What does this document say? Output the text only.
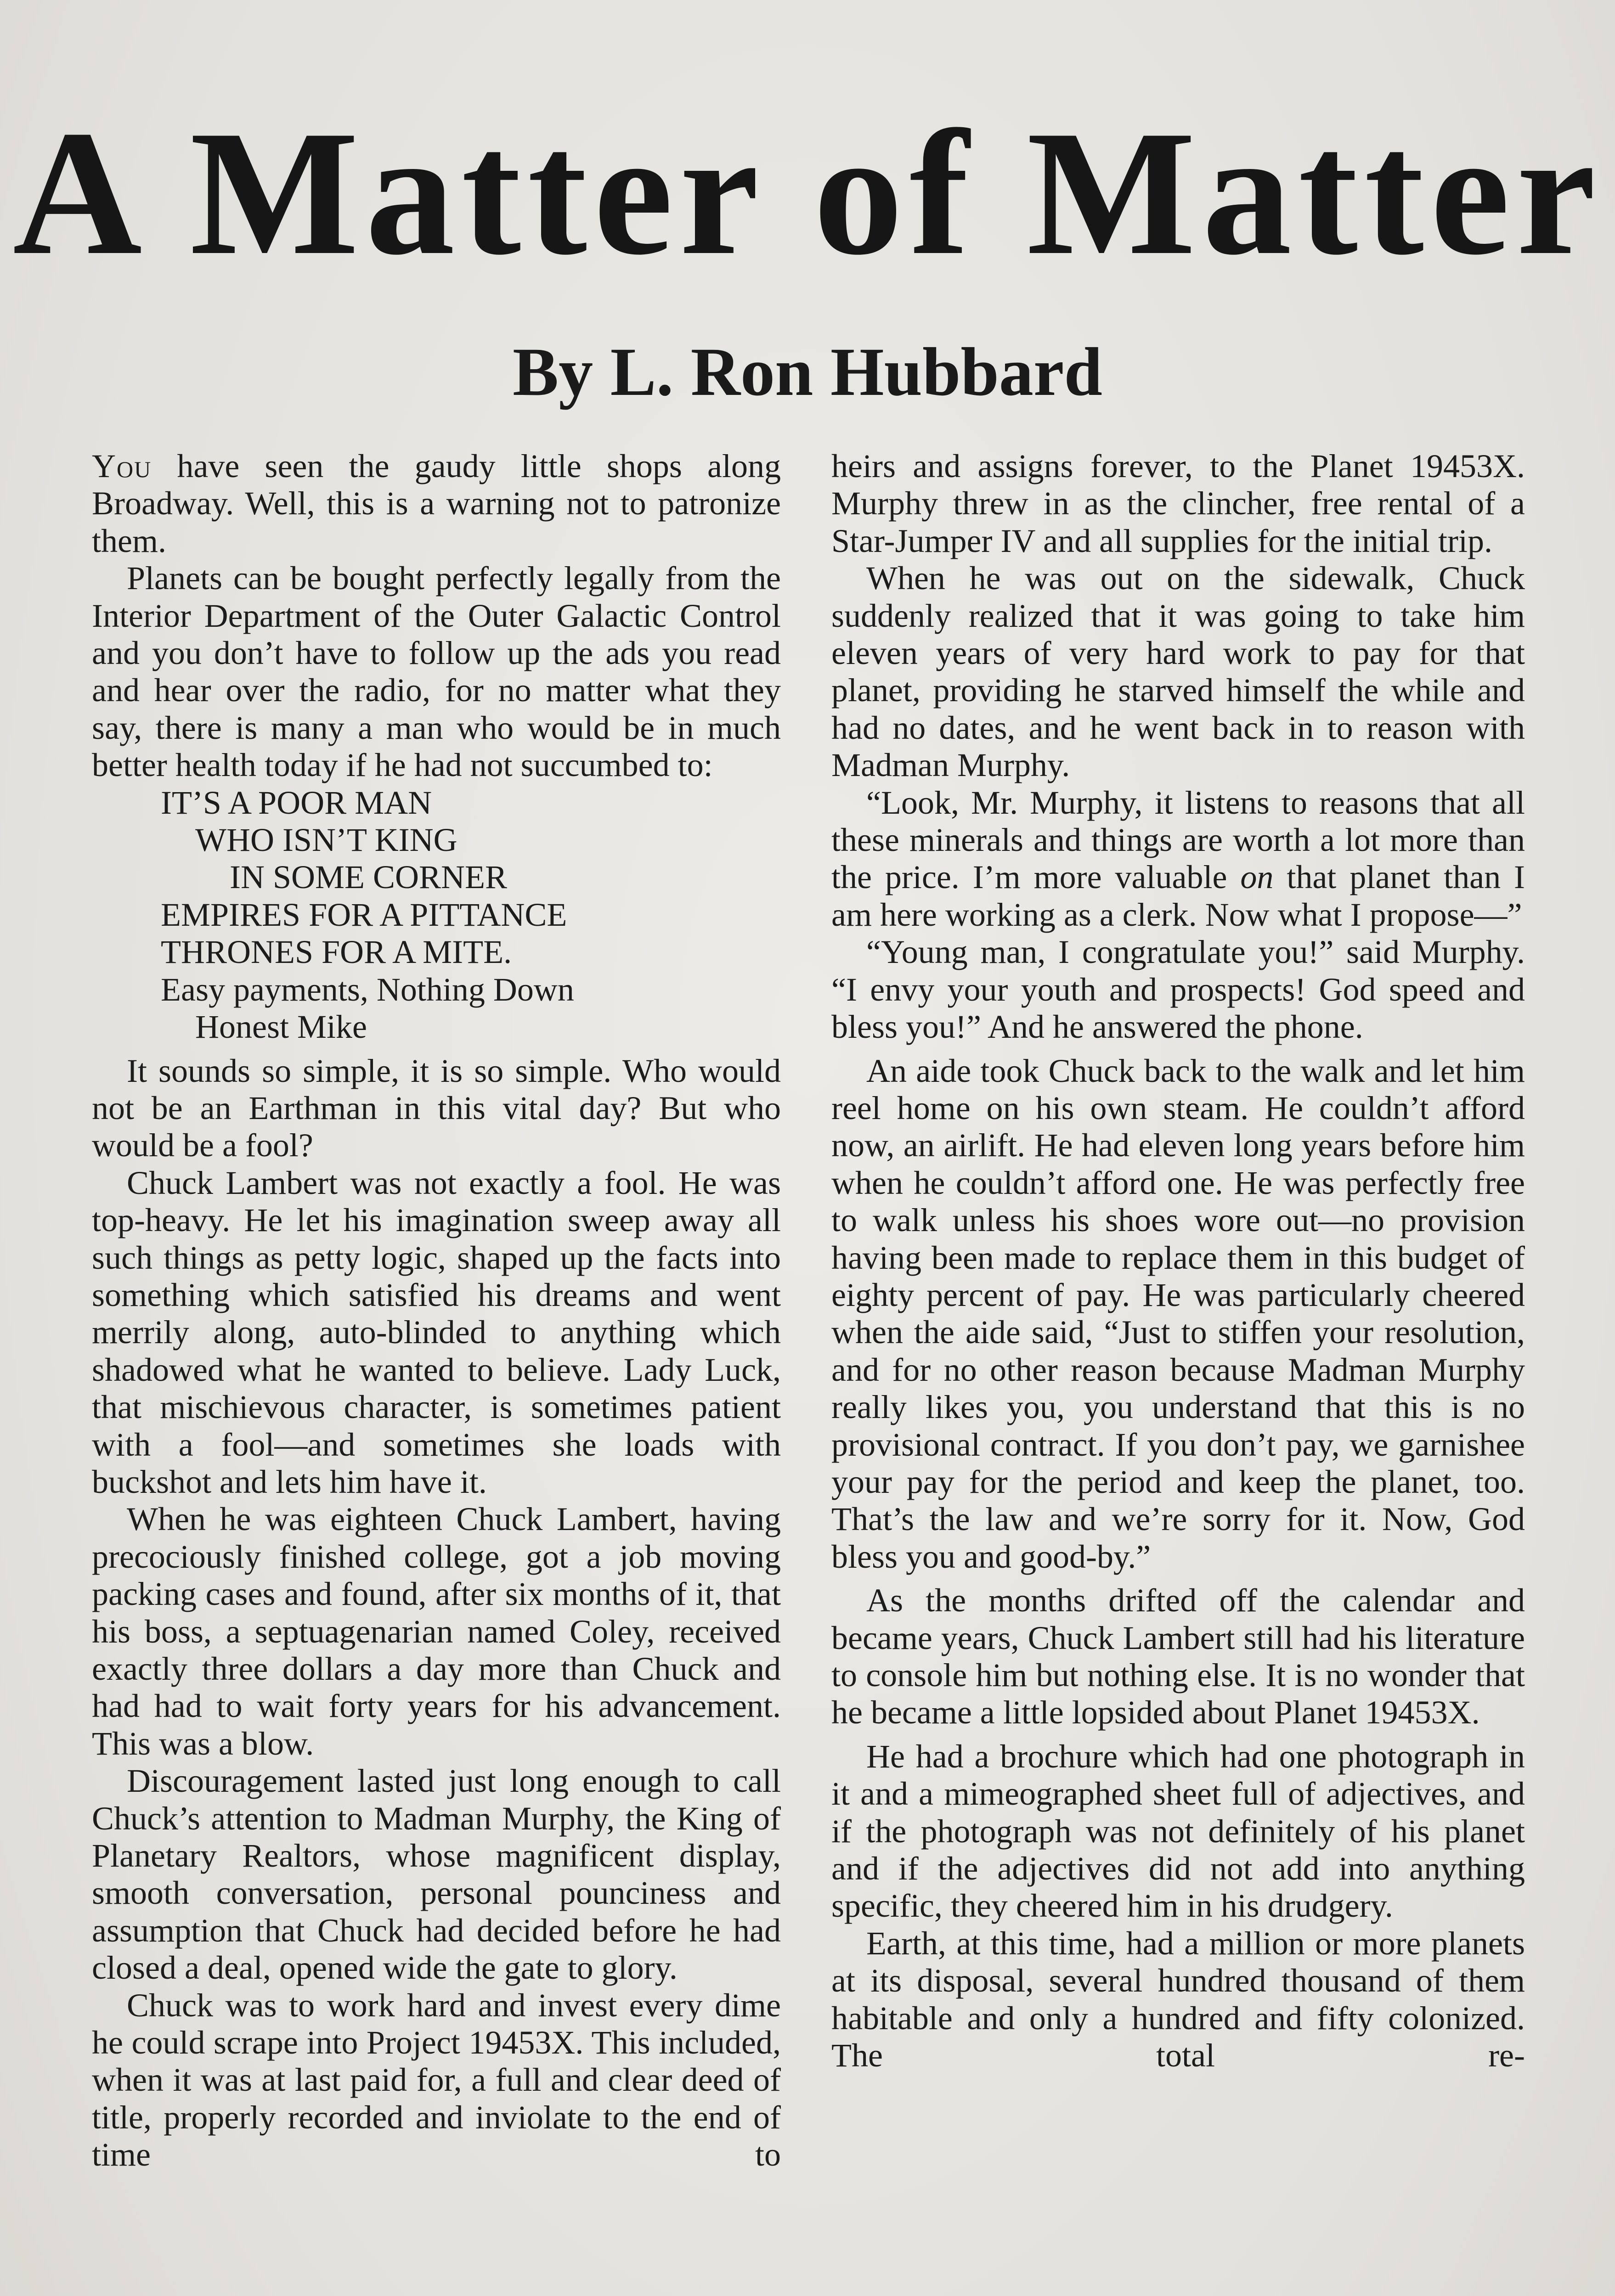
A Matter of Matter
By L. Ron Hubbard

You have seen the gaudy little shops along Broadway. Well, this is a warning not to patronize them.

Planets can be bought perfectly legally from the Interior Department of the Outer Galactic Control and you don’t have to follow up the ads you read and hear over the radio, for no matter what they say, there is many a man who would be in much better health today if he had not succumbed to:

IT’S A POOR MAN
WHO ISN’T KING
IN SOME CORNER
EMPIRES FOR A PITTANCE
THRONES FOR A MITE.
Easy payments, Nothing Down
Honest Mike

It sounds so simple, it is so simple. Who would not be an Earthman in this vital day? But who would be a fool?

Chuck Lambert was not exactly a fool. He was top-heavy. He let his imagination sweep away all such things as petty logic, shaped up the facts into something which satisfied his dreams and went merrily along, auto-blinded to anything which shadowed what he wanted to believe. Lady Luck, that mischievous character, is sometimes patient with a fool—and sometimes she loads with buckshot and lets him have it.

When he was eighteen Chuck Lambert, having precociously finished college, got a job moving packing cases and found, after six months of it, that his boss, a septuagenarian named Coley, received exactly three dollars a day more than Chuck and had had to wait forty years for his advancement. This was a blow.

Discouragement lasted just long enough to call Chuck’s attention to Madman Murphy, the King of Planetary Realtors, whose magnificent display, smooth conversation, personal pounciness and assumption that Chuck had decided before he had closed a deal, opened wide the gate to glory.

Chuck was to work hard and invest every dime he could scrape into Project 19453X. This included, when it was at last paid for, a full and clear deed of title, properly recorded and inviolate to the end of time to

heirs and assigns forever, to the Planet 19453X. Murphy threw in as the clincher, free rental of a Star-Jumper IV and all supplies for the initial trip.

When he was out on the sidewalk, Chuck suddenly realized that it was going to take him eleven years of very hard work to pay for that planet, providing he starved himself the while and had no dates, and he went back in to reason with Madman Murphy.

“Look, Mr. Murphy, it listens to reasons that all these minerals and things are worth a lot more than the price. I’m more valuable on that planet than I am here working as a clerk. Now what I propose—”

“Young man, I congratulate you!” said Murphy. “I envy your youth and prospects! God speed and bless you!” And he answered the phone.

An aide took Chuck back to the walk and let him reel home on his own steam. He couldn’t afford now, an airlift. He had eleven long years before him when he couldn’t afford one. He was perfectly free to walk unless his shoes wore out—no provision having been made to replace them in this budget of eighty percent of pay. He was particularly cheered when the aide said, “Just to stiffen your resolution, and for no other reason because Madman Murphy really likes you, you understand that this is no provisional contract. If you don’t pay, we garnishee your pay for the period and keep the planet, too. That’s the law and we’re sorry for it. Now, God bless you and good-by.”

As the months drifted off the calendar and became years, Chuck Lambert still had his literature to console him but nothing else. It is no wonder that he became a little lopsided about Planet 19453X.

He had a brochure which had one photograph in it and a mimeographed sheet full of adjectives, and if the photograph was not definitely of his planet and if the adjectives did not add into anything specific, they cheered him in his drudgery.

Earth, at this time, had a million or more planets at its disposal, several hundred thousand of them habitable and only a hundred and fifty colonized. The total re-
